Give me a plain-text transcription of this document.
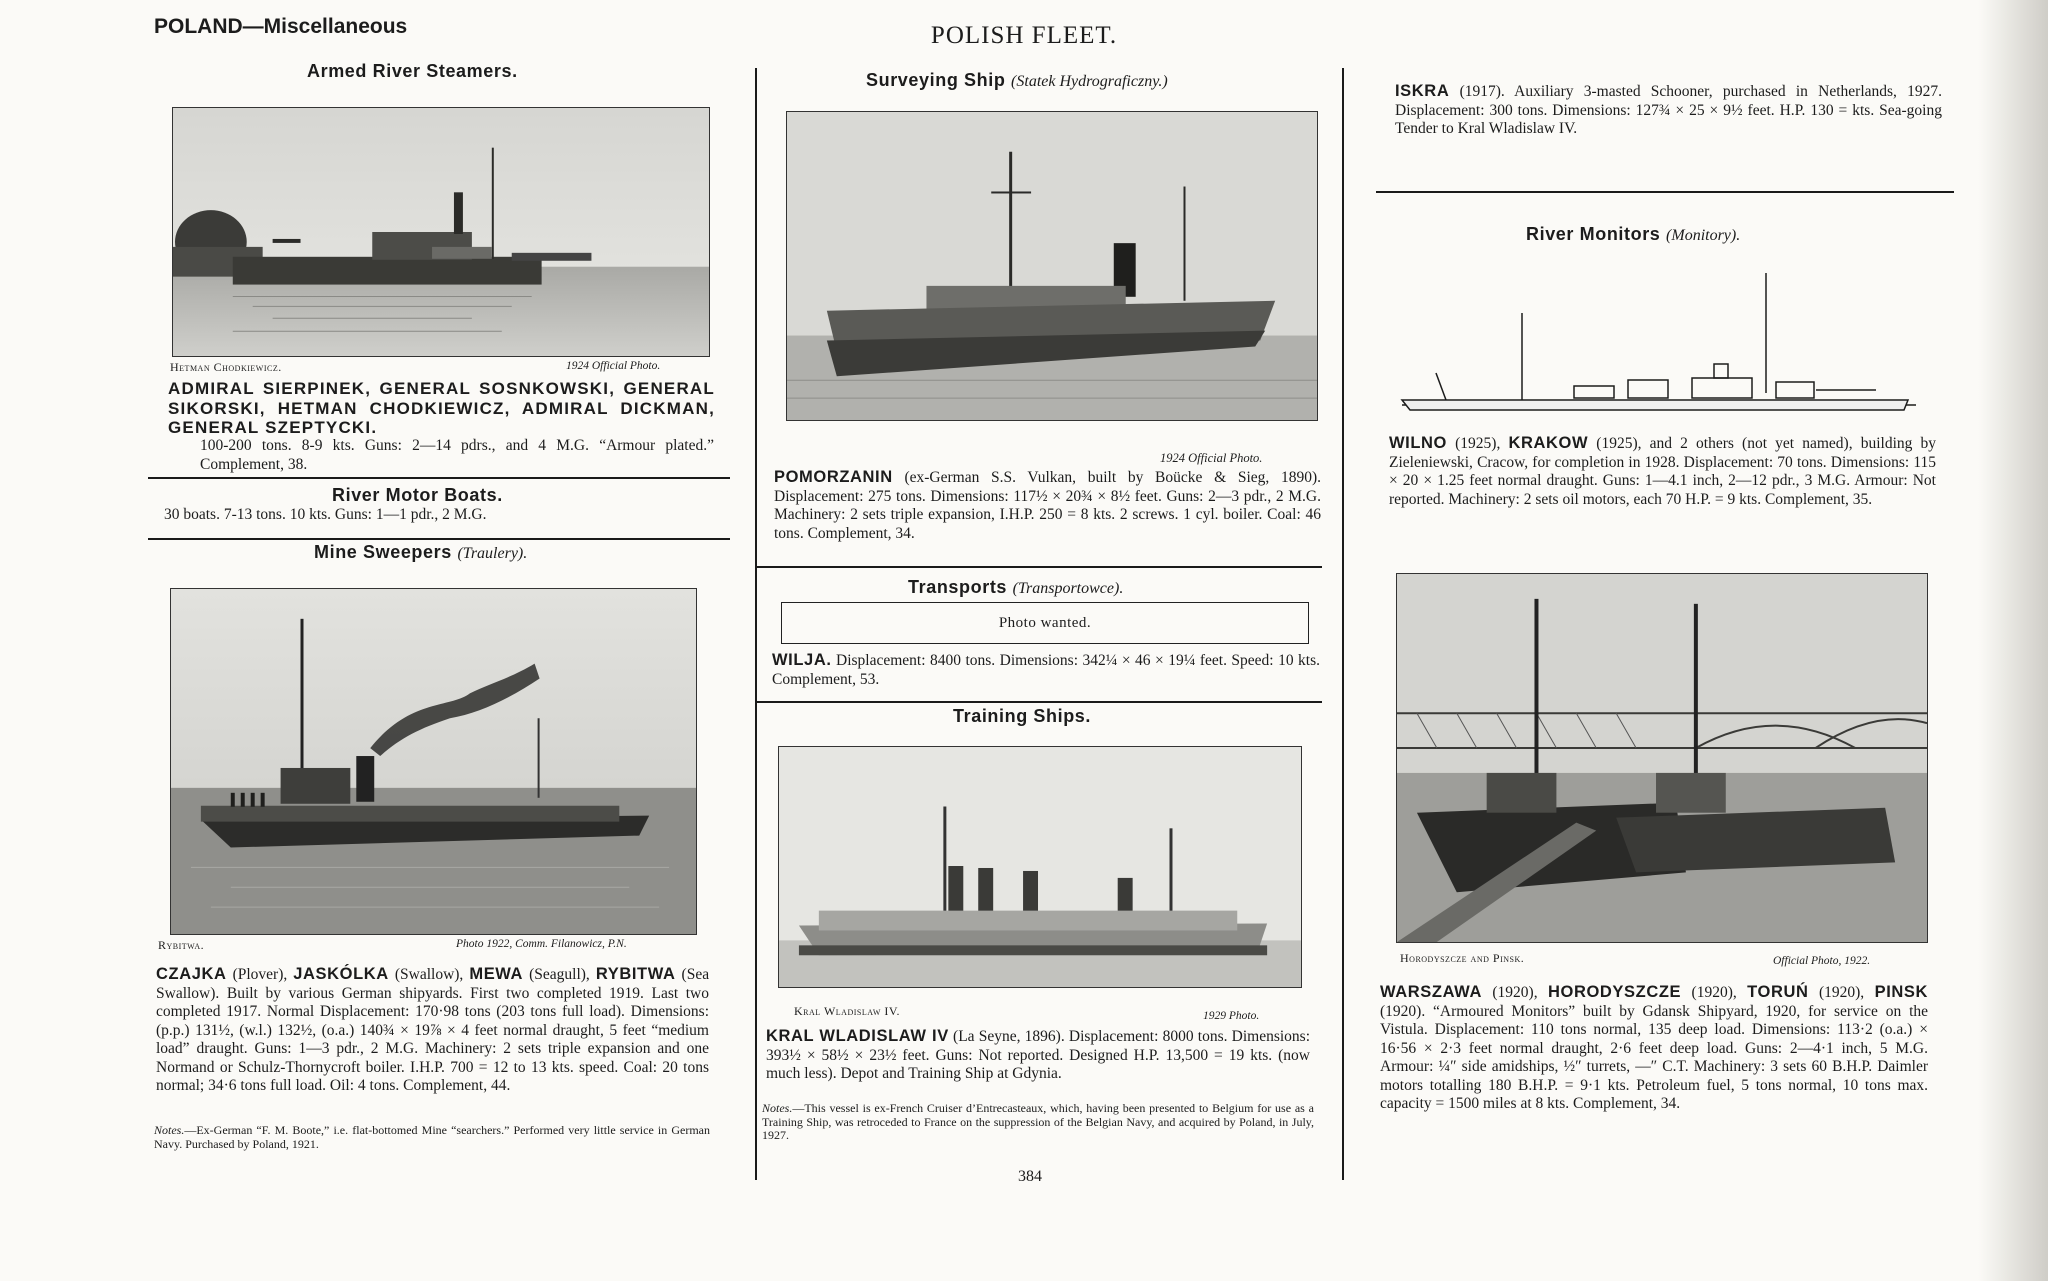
POLAND—Miscellaneous	POLISH FLEET.
Armed River Steamers.
Hetman Chodkiewicz.	1924 Official Photo.
ADMIRAL SIERPINEK, GENERAL SOSNKOWSKI, GENERAL SIKORSKI, HETMAN CHODKIEWICZ, ADMIRAL DICKMAN, GENERAL SZEPTYCKI.
100-200 tons. 8-9 kts. Guns: 2—14 pdrs., and 4 M.G. “Armour plated.” Complement, 38.
River Motor Boats.
30 boats. 7-13 tons. 10 kts. Guns: 1—1 pdr., 2 M.G.
Mine Sweepers (Traulery).
Rybitwa.	Photo 1922, Comm. Filanowicz, P.N.
CZAJKA (Plover), JASKÓLKA (Swallow), MEWA (Seagull), RYBITWA (Sea Swallow). Built by various German shipyards. First two completed 1919. Last two completed 1917. Normal Displacement: 170·98 tons (203 tons full load). Dimensions: (p.p.) 131½, (w.l.) 132½, (o.a.) 140¾ × 19⅞ × 4 feet normal draught, 5 feet “medium load” draught. Guns: 1—3 pdr., 2 M.G. Machinery: 2 sets triple expansion and one Normand or Schulz-Thornycroft boiler. I.H.P. 700 = 12 to 13 kts. speed. Coal: 20 tons normal; 34·6 tons full load. Oil: 4 tons. Complement, 44.
Notes.—Ex-German “F. M. Boote,” i.e. flat-bottomed Mine “searchers.” Performed very little service in German Navy. Purchased by Poland, 1921.
Surveying Ship (Statek Hydrograficzny.)
1924 Official Photo.
POMORZANIN (ex-German S.S. Vulkan, built by Boücke & Sieg, 1890). Displacement: 275 tons. Dimensions: 117½ × 20¾ × 8½ feet. Guns: 2—3 pdr., 2 M.G. Machinery: 2 sets triple expansion, I.H.P. 250 = 8 kts. 2 screws. 1 cyl. boiler. Coal: 46 tons. Complement, 34.
Transports (Transportowce).
Photo wanted.
WILJA. Displacement: 8400 tons. Dimensions: 342¼ × 46 × 19¼ feet. Speed: 10 kts. Complement, 53.
Training Ships.
Kral Wladislaw IV.	1929 Photo.
KRAL WLADISLAW IV (La Seyne, 1896). Displacement: 8000 tons. Dimensions: 393½ × 58½ × 23½ feet. Guns: Not reported. Designed H.P. 13,500 = 19 kts. (now much less). Depot and Training Ship at Gdynia.
Notes.—This vessel is ex-French Cruiser d’Entrecasteaux, which, having been presented to Belgium for use as a Training Ship, was retroceded to France on the suppression of the Belgian Navy, and acquired by Poland, in July, 1927.
384
ISKRA (1917). Auxiliary 3-masted Schooner, purchased in Netherlands, 1927. Displacement: 300 tons. Dimensions: 127¾ × 25 × 9½ feet. H.P. 130 = kts. Sea-going Tender to Kral Wladislaw IV.
River Monitors (Monitory).
WILNO (1925), KRAKOW (1925), and 2 others (not yet named), building by Zieleniewski, Cracow, for completion in 1928. Displacement: 70 tons. Dimensions: 115 × 20 × 1.25 feet normal draught. Guns: 1—4.1 inch, 2—12 pdr., 3 M.G. Armour: Not reported. Machinery: 2 sets oil motors, each 70 H.P. = 9 kts. Complement, 35.
Horodyszcze and Pinsk.	Official Photo, 1922.
WARSZAWA (1920), HORODYSZCZE (1920), TORUŃ (1920), PINSK (1920). “Armoured Monitors” built by Gdansk Shipyard, 1920, for service on the Vistula. Displacement: 110 tons normal, 135 deep load. Dimensions: 113·2 (o.a.) × 16·56 × 2·3 feet normal draught, 2·6 feet deep load. Guns: 2—4·1 inch, 5 M.G. Armour: ¼″ side amidships, ½″ turrets, —″ C.T. Machinery: 3 sets 60 B.H.P. Daimler motors totalling 180 B.H.P. = 9·1 kts. Petroleum fuel, 5 tons normal, 10 tons max. capacity = 1500 miles at 8 kts. Complement, 34.
